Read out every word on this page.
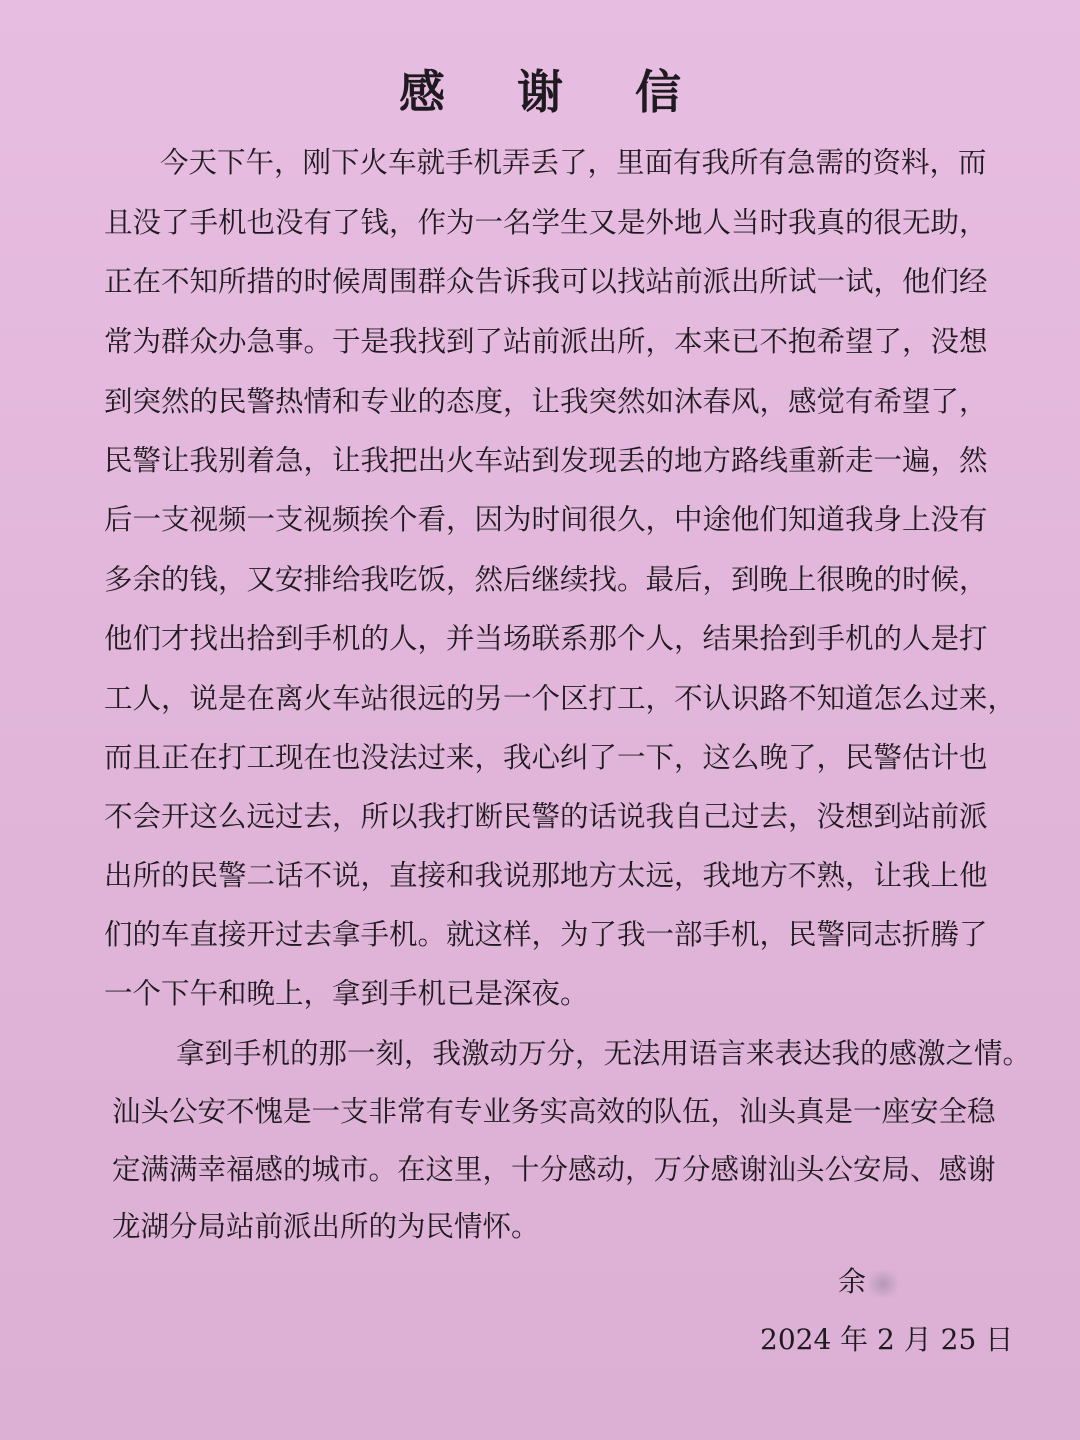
感 谢 信
今天下午，刚下火车就手机弄丢了，里面有我所有急需的资料，而
且没了手机也没有了钱，作为一名学生又是外地人当时我真的很无助，
正在不知所措的时候周围群众告诉我可以找站前派出所试一试，他们经
常为群众办急事。于是我找到了站前派出所，本来已不抱希望了，没想
到突然的民警热情和专业的态度，让我突然如沐春风，感觉有希望了，
民警让我别着急，让我把出火车站到发现丢的地方路线重新走一遍，然
后一支视频一支视频挨个看，因为时间很久，中途他们知道我身上没有
多余的钱，又安排给我吃饭，然后继续找。最后，到晚上很晚的时候，
他们才找出拾到手机的人，并当场联系那个人，结果拾到手机的人是打
工人，说是在离火车站很远的另一个区打工，不认识路不知道怎么过来，
而且正在打工现在也没法过来，我心纠了一下，这么晚了，民警估计也
不会开这么远过去，所以我打断民警的话说我自己过去，没想到站前派
出所的民警二话不说，直接和我说那地方太远，我地方不熟，让我上他
们的车直接开过去拿手机。就这样，为了我一部手机，民警同志折腾了
一个下午和晚上，拿到手机已是深夜。
拿到手机的那一刻，我激动万分，无法用语言来表达我的感激之情。
汕头公安不愧是一支非常有专业务实高效的队伍，汕头真是一座安全稳
定满满幸福感的城市。在这里，十分感动，万分感谢汕头公安局、感谢
龙湖分局站前派出所的为民情怀。
余
2024 年 2 月 25 日
